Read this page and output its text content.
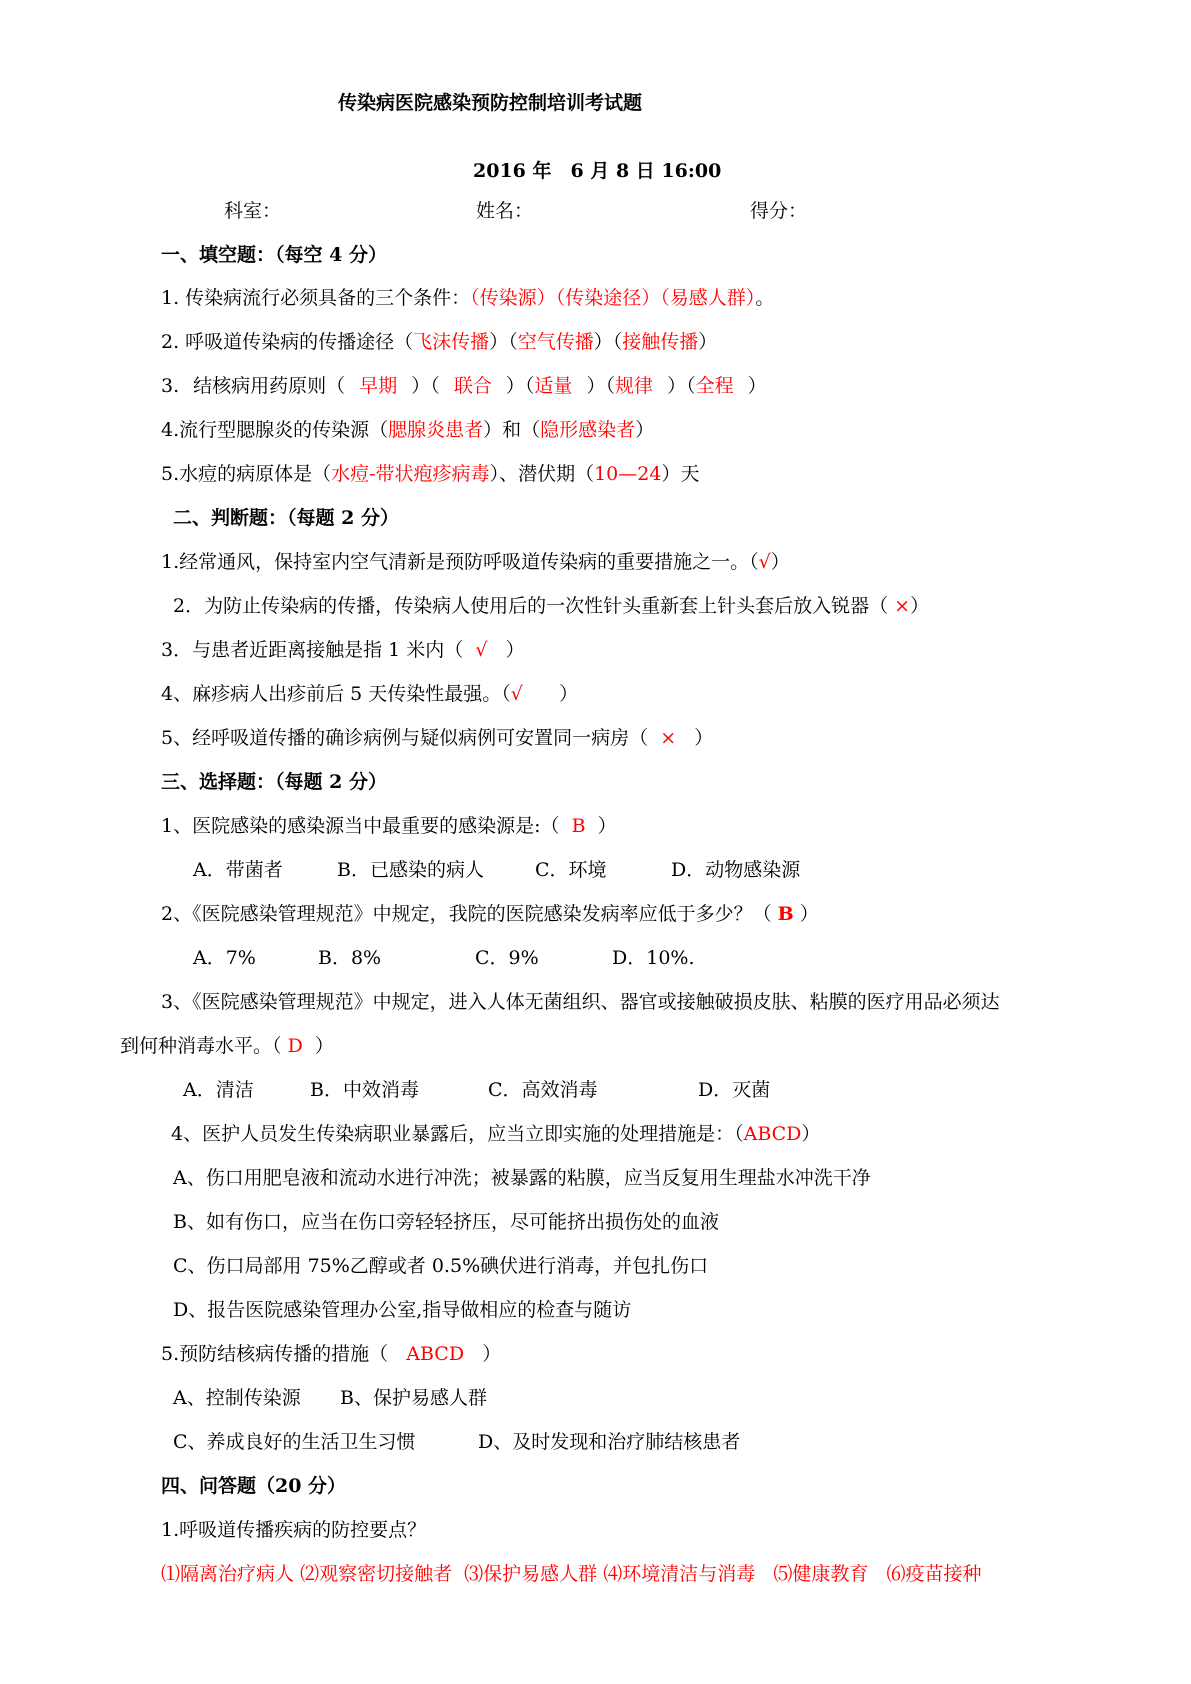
传染病医院感染预防控制培训考试题
2016 年　6 月 8 日 16:00
科室：	姓名：	得分：
一、填空题：（每空 4 分）
1. 传染病流行必须具备的三个条件：（传染源）（传染途径）（易感人群）。
2. 呼吸道传染病的传播途径（飞沫传播）（空气传播）（接触传播）
3. 结核病用药原则（ 早期 ）（ 联合 ）（适量 ）（规律 ）（全程 ）
4.流行型腮腺炎的传染源（腮腺炎患者）和（隐形感染者）
5.水痘的病原体是（水痘-带状疱疹病毒）、潜伏期（10—24）天
二、判断题：（每题 2 分）
1.经常通风，保持室内空气清新是预防呼吸道传染病的重要措施之一。（√）
2．为防止传染病的传播，传染病人使用后的一次性针头重新套上针头套后放入锐器（ ×）
3．与患者近距离接触是指 1 米内（ √ ）
4、麻疹病人出疹前后 5 天传染性最强。（√ ）
5、经呼吸道传播的确诊病例与疑似病例可安置同一病房（ × ）
三、选择题：（每题 2 分）
1、医院感染的感染源当中最重要的感染源是:（ B ）
A．带菌者	B．已感染的病人	C．环境	D．动物感染源
2、《医院感染管理规范》中规定，我院的医院感染发病率应低于多少？（ B ）
A．7%	B．8%	C．9%	D．10%.
3、《医院感染管理规范》中规定，进入人体无菌组织、器官或接触破损皮肤、粘膜的医疗用品必须达
到何种消毒水平。（ D ）
A．清洁	B．中效消毒	C．高效消毒	D．灭菌
4、医护人员发生传染病职业暴露后，应当立即实施的处理措施是：（ABCD）
A、伤口用肥皂液和流动水进行冲洗；被暴露的粘膜，应当反复用生理盐水冲洗干净
B、如有伤口，应当在伤口旁轻轻挤压，尽可能挤出损伤处的血液
C、伤口局部用 75%乙醇或者 0.5%碘伏进行消毒，并包扎伤口
D、报告医院感染管理办公室,指导做相应的检查与随访
5.预防结核病传播的措施（ ABCD ）
A、控制传染源 B、保护易感人群
C、养成良好的生活卫生习惯	D、及时发现和治疗肺结核患者
四、问答题（20 分）
1.呼吸道传播疾病的防控要点？
⑴隔离治疗病人 ⑵观察密切接触者 ⑶保护易感人群 ⑷环境清洁与消毒 ⑸健康教育 ⑹疫苗接种
